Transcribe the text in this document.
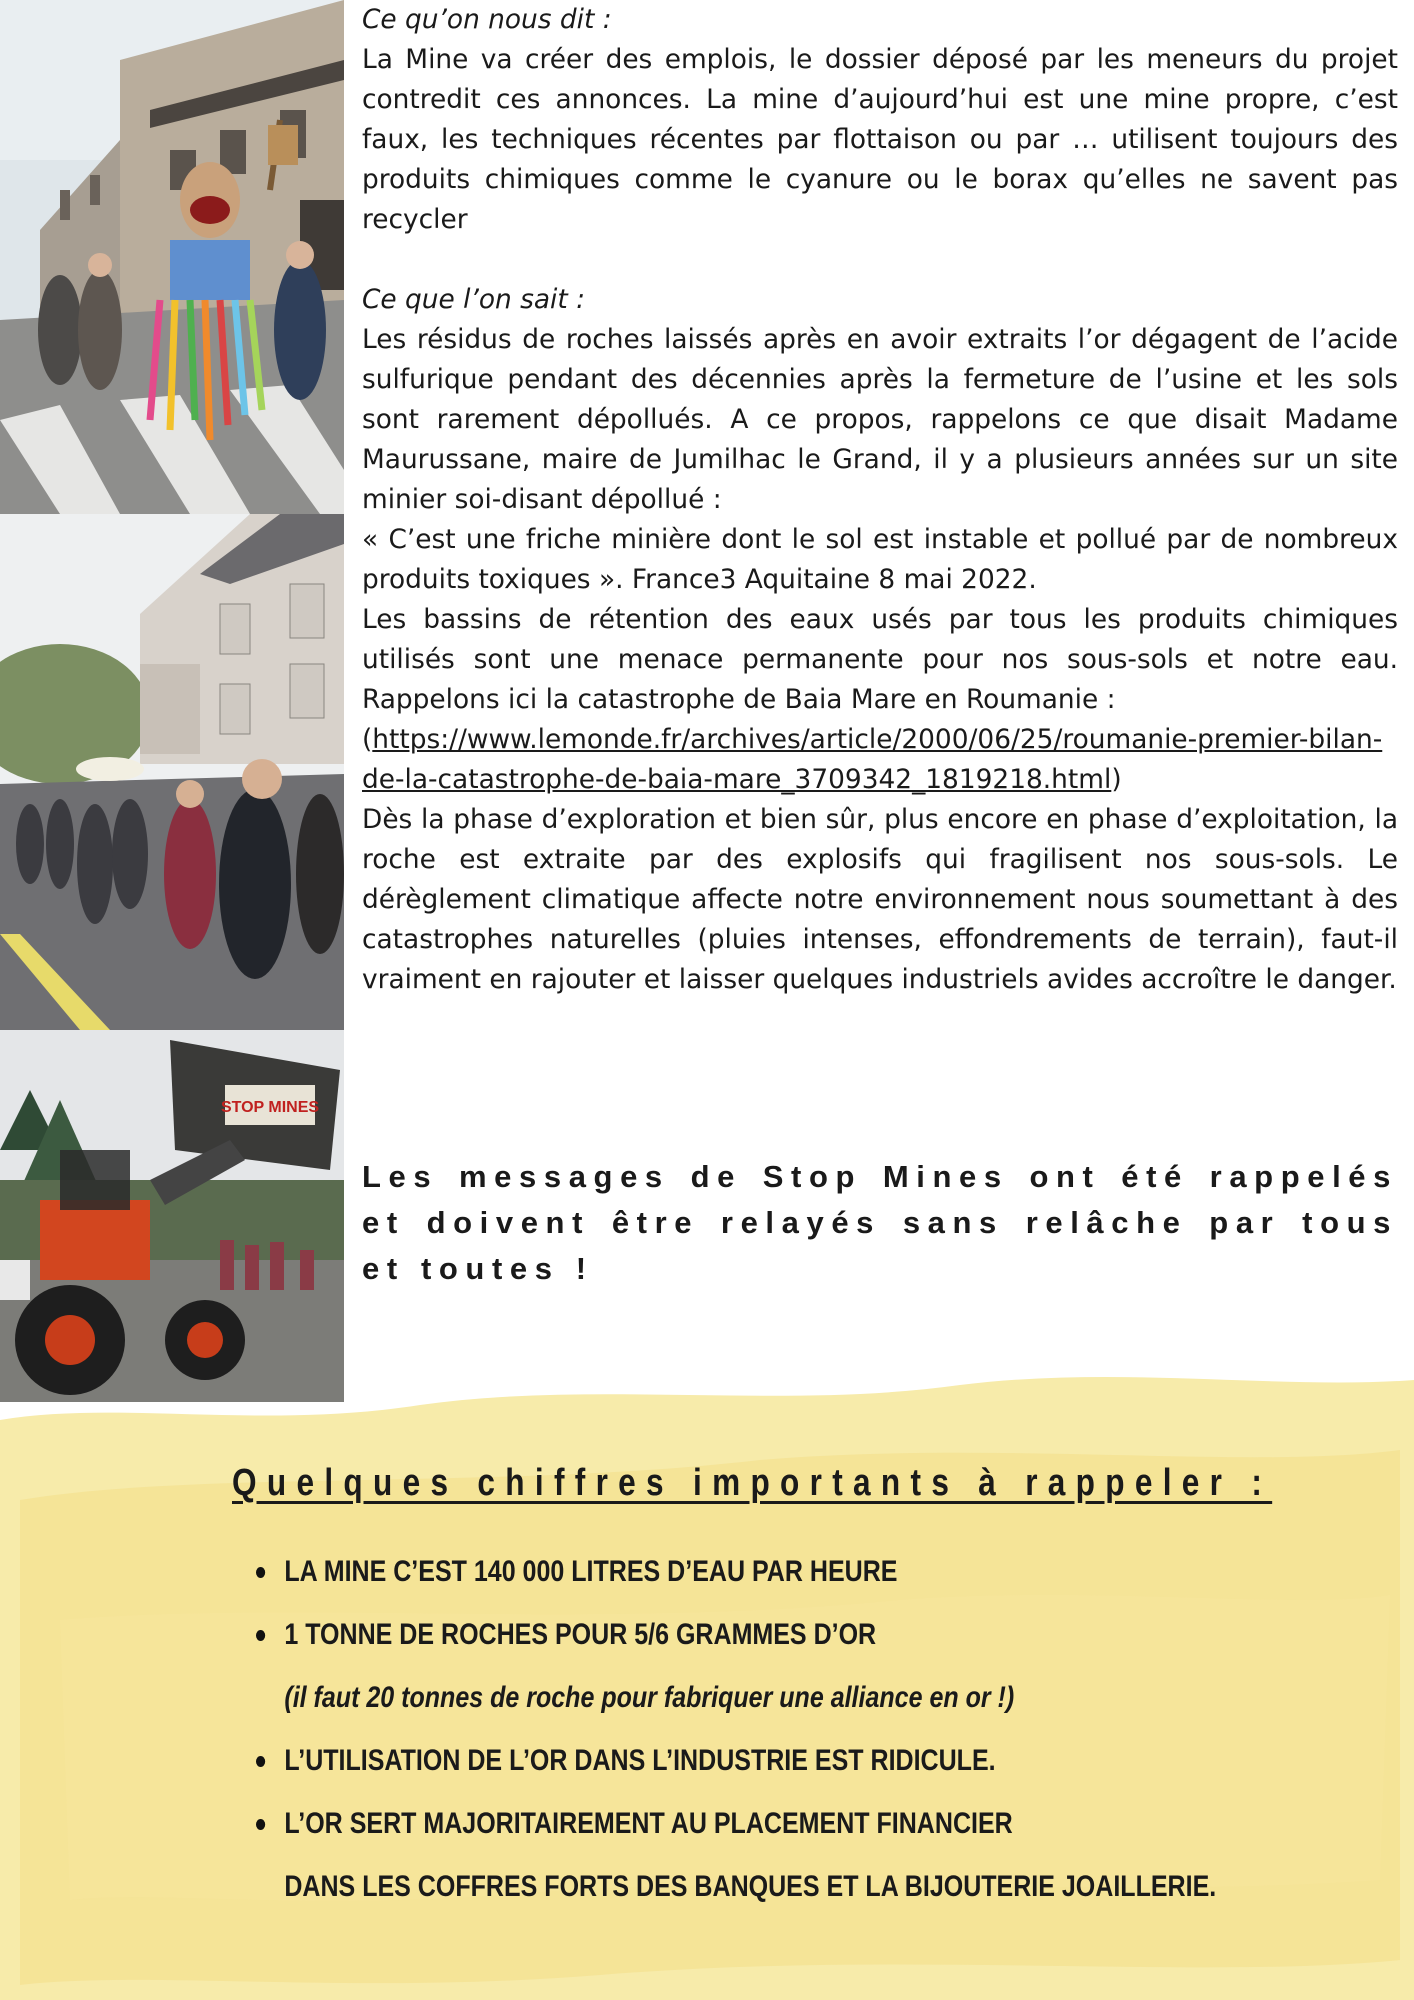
STOP MINES

Ce qu’on nous dit :

La Mine va créer des emplois, le dossier déposé par les meneurs du projet contredit ces annonces. La mine d’aujourd’hui est une mine propre, c’est faux, les techniques récentes par flottaison ou par … utilisent toujours des produits chimiques comme le cyanure ou le borax qu’elles ne savent pas recycler

Ce que l’on sait :

Les résidus de roches laissés après en avoir extraits l’or dégagent de l’acide sulfurique pendant des décennies après la fermeture de l’usine et les sols sont rarement dépollués. A ce propos, rappelons ce que disait Madame Maurussane, maire de Jumilhac le Grand, il y a plusieurs années sur un site minier soi-disant dépollué :

« C’est une friche minière dont le sol est instable et pollué par de nombreux produits toxiques ». France3 Aquitaine 8 mai 2022.

Les bassins de rétention des eaux usés par tous les produits chimiques utilisés sont une menace permanente pour nos sous-sols et notre eau. Rappelons ici la catastrophe de Baia Mare en Roumanie :

(https://www.lemonde.fr/archives/article/2000/06/25/roumanie-premier-bilan-de-la-catastrophe-de-baia-mare_3709342_1819218.html)

Dès la phase d’exploration et bien sûr, plus encore en phase d’exploitation, la roche est extraite par des explosifs qui fragilisent nos sous-sols. Le dérèglement climatique affecte notre environnement nous soumettant à des catastrophes naturelles (pluies intenses, effondrements de terrain), faut-il vraiment en rajouter et laisser quelques industriels avides accroître le danger.

Les messages de Stop Mines ont été rappelés et doivent être relayés sans relâche par tous et toutes !
Quelques chiffres importants à rappeler :
LA MINE C’EST 140 000 LITRES D’EAU PAR HEURE
1 TONNE DE ROCHES POUR 5/6 GRAMMES D’OR
(il faut 20 tonnes de roche pour fabriquer une alliance en or !)
L’UTILISATION DE L’OR DANS L’INDUSTRIE EST RIDICULE.
L’OR SERT MAJORITAIREMENT AU PLACEMENT FINANCIER
DANS LES COFFRES FORTS DES BANQUES ET LA BIJOUTERIE JOAILLERIE.
